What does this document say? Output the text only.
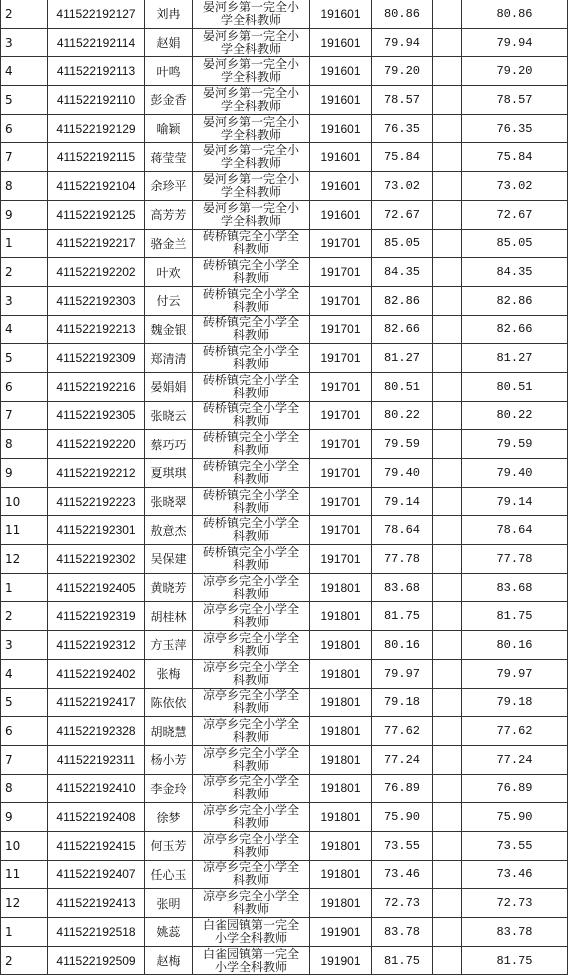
2	411522192127	刘冉	晏河乡第一完全小学全科教师	191601	80.86		80.86
3	411522192114	赵娟	晏河乡第一完全小学全科教师	191601	79.94		79.94
4	411522192113	叶鸣	晏河乡第一完全小学全科教师	191601	79.20		79.20
5	411522192110	彭金香	晏河乡第一完全小学全科教师	191601	78.57		78.57
6	411522192129	喻颖	晏河乡第一完全小学全科教师	191601	76.35		76.35
7	411522192115	蒋莹莹	晏河乡第一完全小学全科教师	191601	75.84		75.84
8	411522192104	余珍平	晏河乡第一完全小学全科教师	191601	73.02		73.02
9	411522192125	高芳芳	晏河乡第一完全小学全科教师	191601	72.67		72.67
1	411522192217	骆金兰	砖桥镇完全小学全科教师	191701	85.05		85.05
2	411522192202	叶欢	砖桥镇完全小学全科教师	191701	84.35		84.35
3	411522192303	付云	砖桥镇完全小学全科教师	191701	82.86		82.86
4	411522192213	魏金银	砖桥镇完全小学全科教师	191701	82.66		82.66
5	411522192309	郑清清	砖桥镇完全小学全科教师	191701	81.27		81.27
6	411522192216	晏娟娟	砖桥镇完全小学全科教师	191701	80.51		80.51
7	411522192305	张晓云	砖桥镇完全小学全科教师	191701	80.22		80.22
8	411522192220	蔡巧巧	砖桥镇完全小学全科教师	191701	79.59		79.59
9	411522192212	夏琪琪	砖桥镇完全小学全科教师	191701	79.40		79.40
10	411522192223	张晓翠	砖桥镇完全小学全科教师	191701	79.14		79.14
11	411522192301	敖意杰	砖桥镇完全小学全科教师	191701	78.64		78.64
12	411522192302	吴保建	砖桥镇完全小学全科教师	191701	77.78		77.78
1	411522192405	黄晓芳	凉亭乡完全小学全科教师	191801	83.68		83.68
2	411522192319	胡桂林	凉亭乡完全小学全科教师	191801	81.75		81.75
3	411522192312	方玉萍	凉亭乡完全小学全科教师	191801	80.16		80.16
4	411522192402	张梅	凉亭乡完全小学全科教师	191801	79.97		79.97
5	411522192417	陈依依	凉亭乡完全小学全科教师	191801	79.18		79.18
6	411522192328	胡晓慧	凉亭乡完全小学全科教师	191801	77.62		77.62
7	411522192311	杨小芳	凉亭乡完全小学全科教师	191801	77.24		77.24
8	411522192410	李金玲	凉亭乡完全小学全科教师	191801	76.89		76.89
9	411522192408	徐梦	凉亭乡完全小学全科教师	191801	75.90		75.90
10	411522192415	何玉芳	凉亭乡完全小学全科教师	191801	73.55		73.55
11	411522192407	任心玉	凉亭乡完全小学全科教师	191801	73.46		73.46
12	411522192413	张明	凉亭乡完全小学全科教师	191801	72.73		72.73
1	411522192518	姚蕊	白雀园镇第一完全小学全科教师	191901	83.78		83.78
2	411522192509	赵梅	白雀园镇第一完全小学全科教师	191901	81.75		81.75
